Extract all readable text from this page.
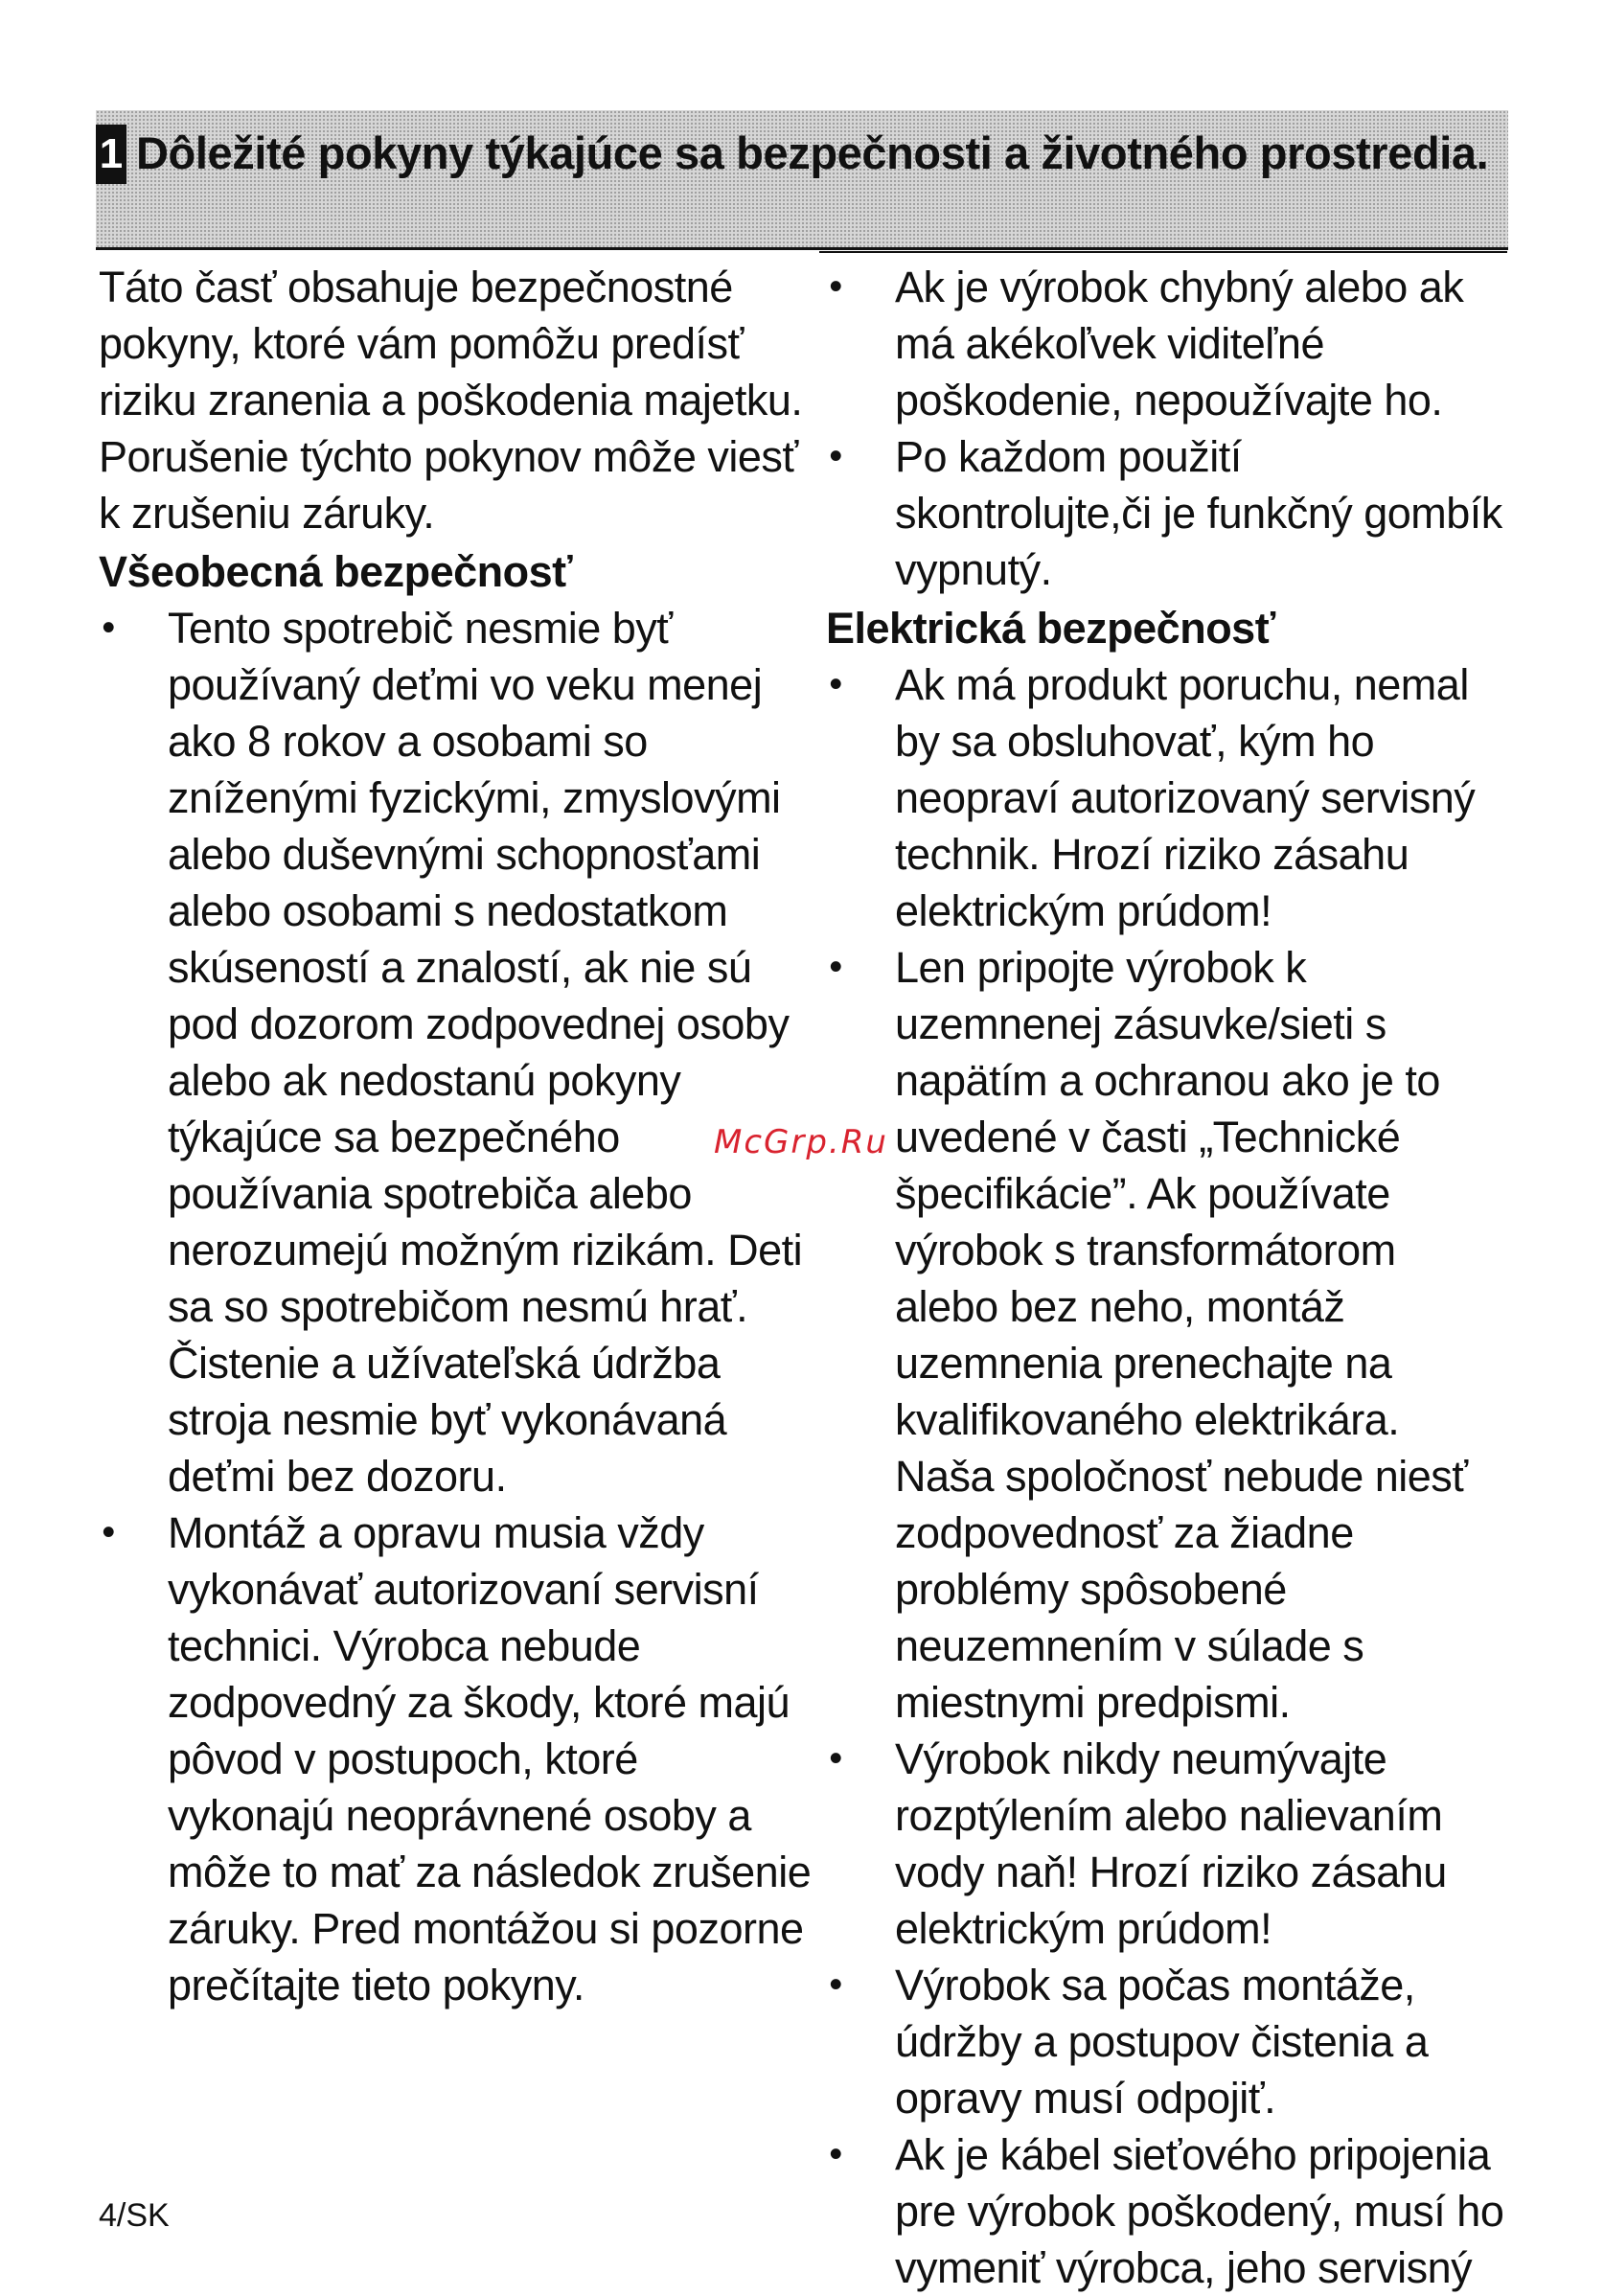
1 Dôležité pokyny týkajúce sa bezpečnosti a životného prostredia.

Táto časť obsahuje bezpečnostné pokyny, ktoré vám pomôžu predísť riziku zranenia a poškodenia majetku. Porušenie týchto pokynov môže viesť k zrušeniu záruky.

Všeobecná bezpečnosť
• Tento spotrebič nesmie byť používaný deťmi vo veku menej ako 8 rokov a osobami so zníženými fyzickými, zmyslovými alebo duševnými schopnosťami alebo osobami s nedostatkom skúseností a znalostí, ak nie sú pod dozorom zodpovednej osoby alebo ak nedostanú pokyny týkajúce sa bezpečného používania spotrebiča alebo nerozumejú možným rizikám. Deti sa so spotrebičom nesmú hrať. Čistenie a užívateľská údržba stroja nesmie byť vykonávaná deťmi bez dozoru.
• Montáž a opravu musia vždy vykonávať autorizovaní servisní technici. Výrobca nebude zodpovedný za škody, ktoré majú pôvod v postupoch, ktoré vykonajú neoprávnené osoby a môže to mať za následok zrušenie záruky. Pred montážou si pozorne prečítajte tieto pokyny.
• Ak je výrobok chybný alebo ak má akékoľvek viditeľné poškodenie, nepoužívajte ho.
• Po každom použití skontrolujte,či je funkčný gombík vypnutý.
Elektrická bezpečnosť
• Ak má produkt poruchu, nemal by sa obsluhovať, kým ho neopraví autorizovaný servisný technik. Hrozí riziko zásahu elektrickým prúdom!
• Len pripojte výrobok k uzemnenej zásuvke/sieti s napätím a ochranou ako je to uvedené v časti „Technické špecifikácie”. Ak používate výrobok s transformátorom alebo bez neho, montáž uzemnenia prenechajte na kvalifikovaného elektrikára. Naša spoločnosť nebude niesť zodpovednosť za žiadne problémy spôsobené neuzemnením v súlade s miestnymi predpismi.
• Výrobok nikdy neumývajte rozptýlením alebo nalievaním vody naň! Hrozí riziko zásahu elektrickým prúdom!
• Výrobok sa počas montáže, údržby a postupov čistenia a opravy musí odpojiť.
• Ak je kábel sieťového pripojenia pre výrobok poškodený, musí ho vymeniť výrobca, jeho servisný
McGrp.Ru
4/SK
